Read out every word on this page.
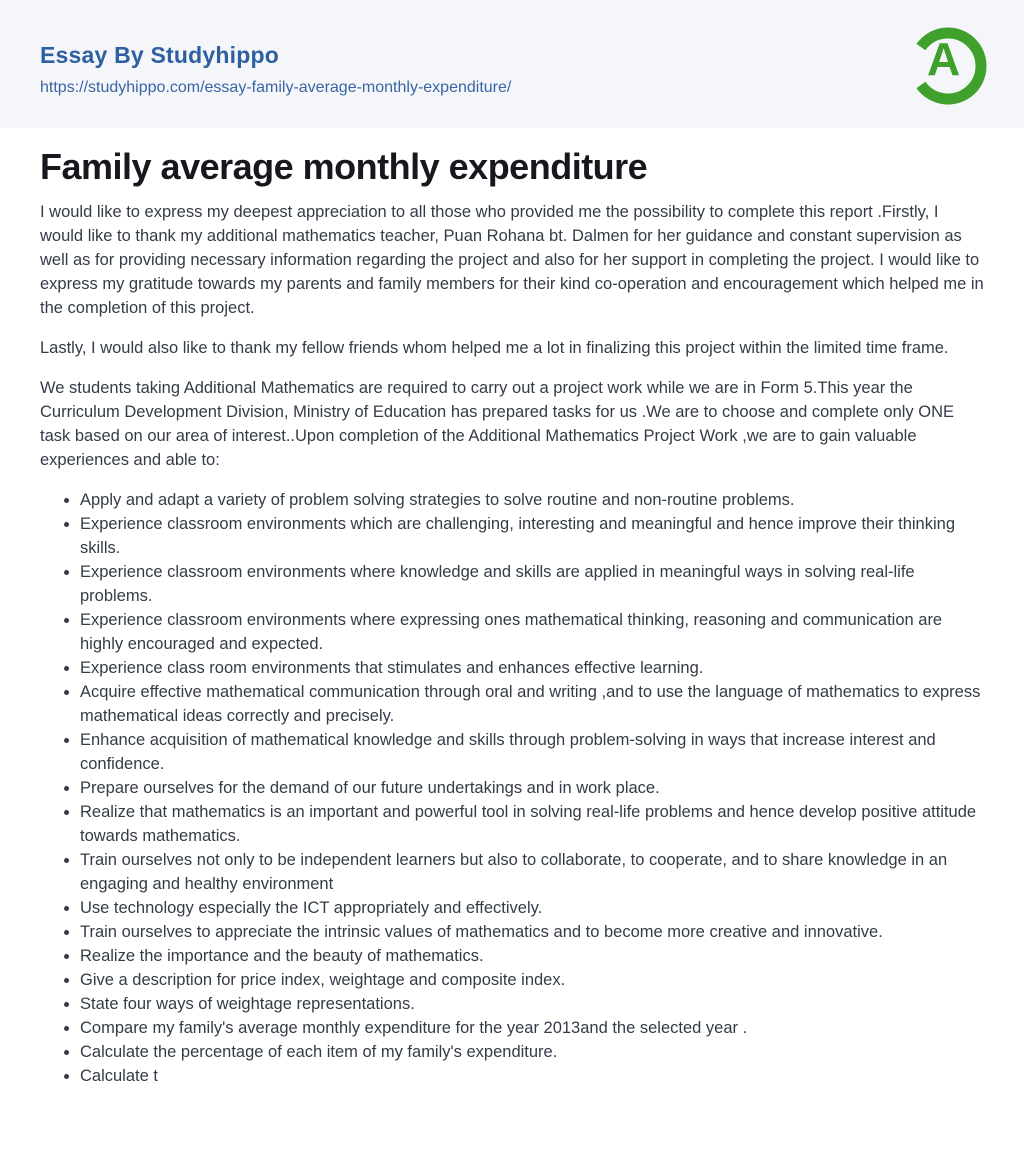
Essay By Studyhippo
https://studyhippo.com/essay-family-average-monthly-expenditure/
A
Family average monthly expenditure

I would like to express my deepest appreciation to all those who provided me the possibility to complete this report .Firstly, I would like to thank my additional mathematics teacher, Puan Rohana bt. Dalmen for her guidance and constant supervision as well as for providing necessary information regarding the project and also for her support in completing the project. I would like to express my gratitude towards my parents and family members for their kind co-operation and encouragement which helped me in the completion of this project.

Lastly, I would also like to thank my fellow friends whom helped me a lot in finalizing this project within the limited time frame.

We students taking Additional Mathematics are required to carry out a project work while we are in Form 5.This year the Curriculum Development Division, Ministry of Education has prepared tasks for us .We are to choose and complete only ONE task based on our area of interest..Upon completion of the Additional Mathematics Project Work ,we are to gain valuable experiences and able to:

• Apply and adapt a variety of problem solving strategies to solve routine and non-routine problems.
• Experience classroom environments which are challenging, interesting and meaningful and hence improve their thinking skills.
• Experience classroom environments where knowledge and skills are applied in meaningful ways in solving real-life problems.
• Experience classroom environments where expressing ones mathematical thinking, reasoning and communication are highly encouraged and expected.
• Experience class room environments that stimulates and enhances effective learning.
• Acquire effective mathematical communication through oral and writing ,and to use the language of mathematics to express mathematical ideas correctly and precisely.
• Enhance acquisition of mathematical knowledge and skills through problem-solving in ways that increase interest and confidence.
• Prepare ourselves for the demand of our future undertakings and in work place.
• Realize that mathematics is an important and powerful tool in solving real-life problems and hence develop positive attitude towards mathematics.
• Train ourselves not only to be independent learners but also to collaborate, to cooperate, and to share knowledge in an engaging and healthy environment
• Use technology especially the ICT appropriately and effectively.
• Train ourselves to appreciate the intrinsic values of mathematics and to become more creative and innovative.
• Realize the importance and the beauty of mathematics.
• Give a description for price index, weightage and composite index.
• State four ways of weightage representations.
• Compare my family's average monthly expenditure for the year 2013and the selected year .
• Calculate the percentage of each item of my family's expenditure.
• Calculate t
